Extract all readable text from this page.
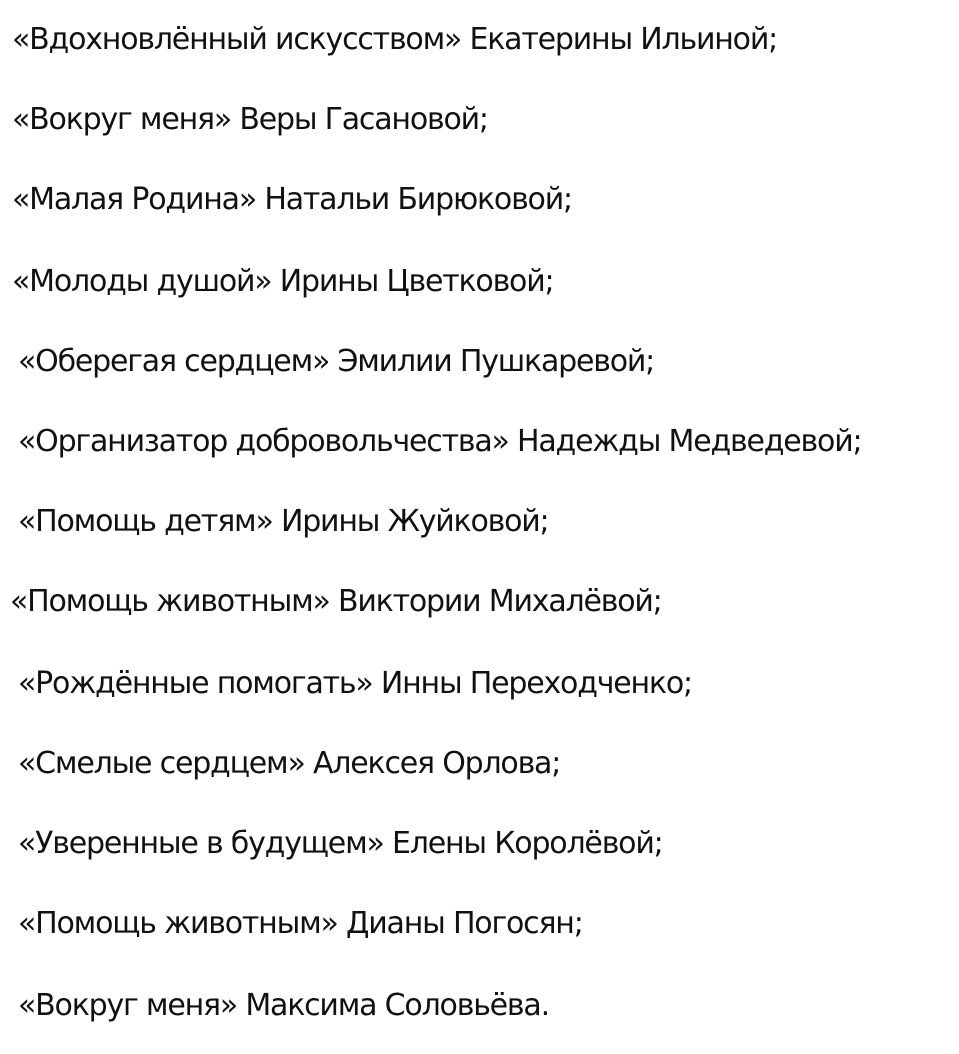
«Вдохновлённый искусством» Екатерины Ильиной;
«Вокруг меня» Веры Гасановой;
«Малая Родина» Натальи Бирюковой;
«Молоды душой» Ирины Цветковой;
«Оберегая сердцем» Эмилии Пушкаревой;
«Организатор добровольчества» Надежды Медведевой;
«Помощь детям» Ирины Жуйковой;
«Помощь животным» Виктории Михалёвой;
«Рождённые помогать» Инны Переходченко;
«Смелые сердцем» Алексея Орлова;
«Уверенные в будущем» Елены Королёвой;
«Помощь животным» Дианы Погосян;
«Вокруг меня» Максима Соловьёва.
